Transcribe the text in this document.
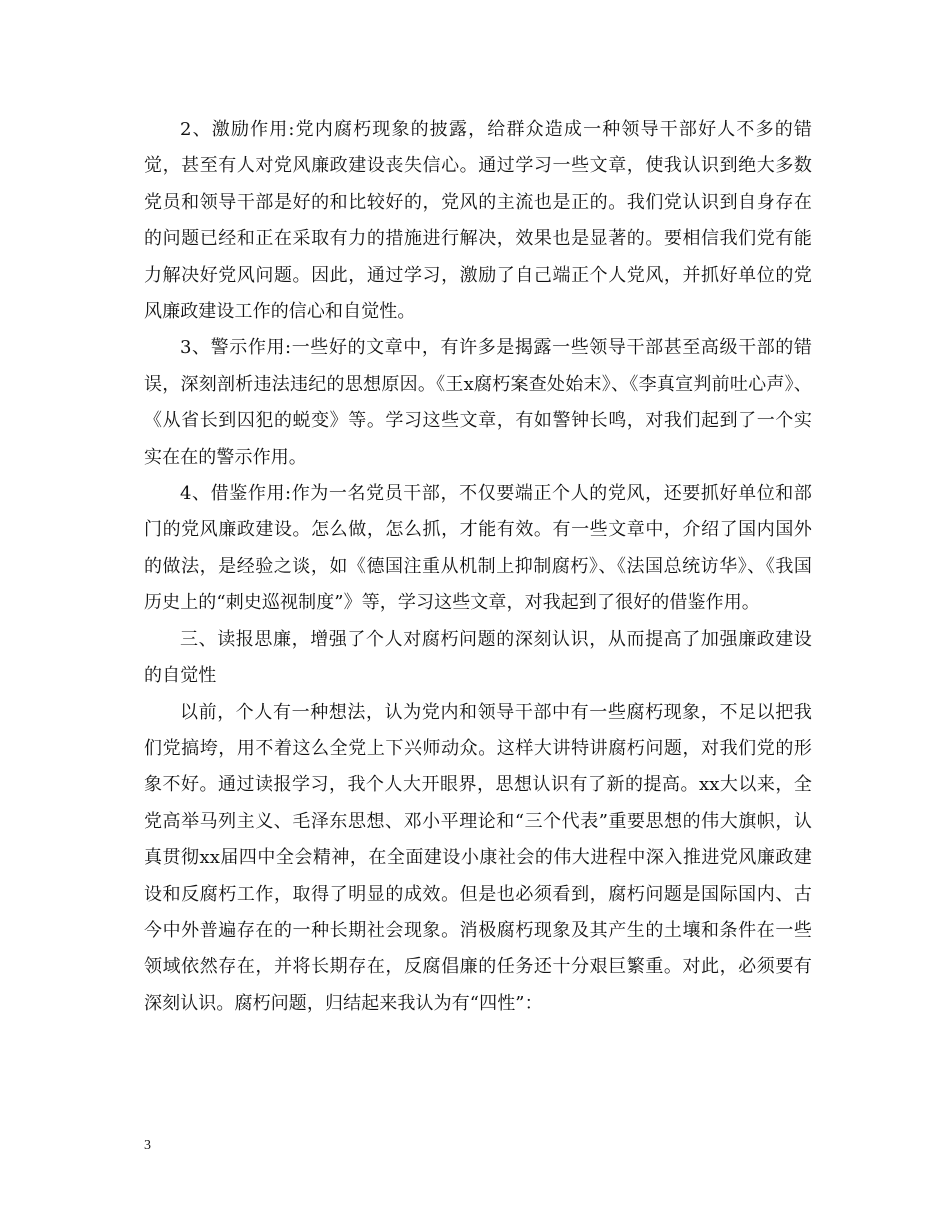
2、激励作用:党内腐朽现象的披露，给群众造成一种领导干部好人不多的错觉，甚至有人对党风廉政建设丧失信心。通过学习一些文章，使我认识到绝大多数党员和领导干部是好的和比较好的，党风的主流也是正的。我们党认识到自身存在的问题已经和正在采取有力的措施进行解决，效果也是显著的。要相信我们党有能力解决好党风问题。因此，通过学习，激励了自己端正个人党风，并抓好单位的党风廉政建设工作的信心和自觉性。

3、警示作用:一些好的文章中，有许多是揭露一些领导干部甚至高级干部的错误，深刻剖析违法违纪的思想原因。《王x腐朽案查处始末》、《李真宣判前吐心声》、《从省长到囚犯的蜕变》等。学习这些文章，有如警钟长鸣，对我们起到了一个实实在在的警示作用。

4、借鉴作用:作为一名党员干部，不仅要端正个人的党风，还要抓好单位和部门的党风廉政建设。怎么做，怎么抓，才能有效。有一些文章中，介绍了国内国外的做法，是经验之谈，如《德国注重从机制上抑制腐朽》、《法国总统访华》、《我国历史上的“刺史巡视制度”》等，学习这些文章，对我起到了很好的借鉴作用。

三、读报思廉，增强了个人对腐朽问题的深刻认识，从而提高了加强廉政建设的自觉性

以前，个人有一种想法，认为党内和领导干部中有一些腐朽现象，不足以把我们党搞垮，用不着这么全党上下兴师动众。这样大讲特讲腐朽问题，对我们党的形象不好。通过读报学习，我个人大开眼界，思想认识有了新的提高。xx大以来，全党高举马列主义、毛泽东思想、邓小平理论和“三个代表”重要思想的伟大旗帜，认真贯彻xx届四中全会精神，在全面建设小康社会的伟大进程中深入推进党风廉政建设和反腐朽工作，取得了明显的成效。但是也必须看到，腐朽问题是国际国内、古今中外普遍存在的一种长期社会现象。消极腐朽现象及其产生的土壤和条件在一些领域依然存在，并将长期存在，反腐倡廉的任务还十分艰巨繁重。对此，必须要有深刻认识。腐朽问题，归结起来我认为有“四性”：

3
